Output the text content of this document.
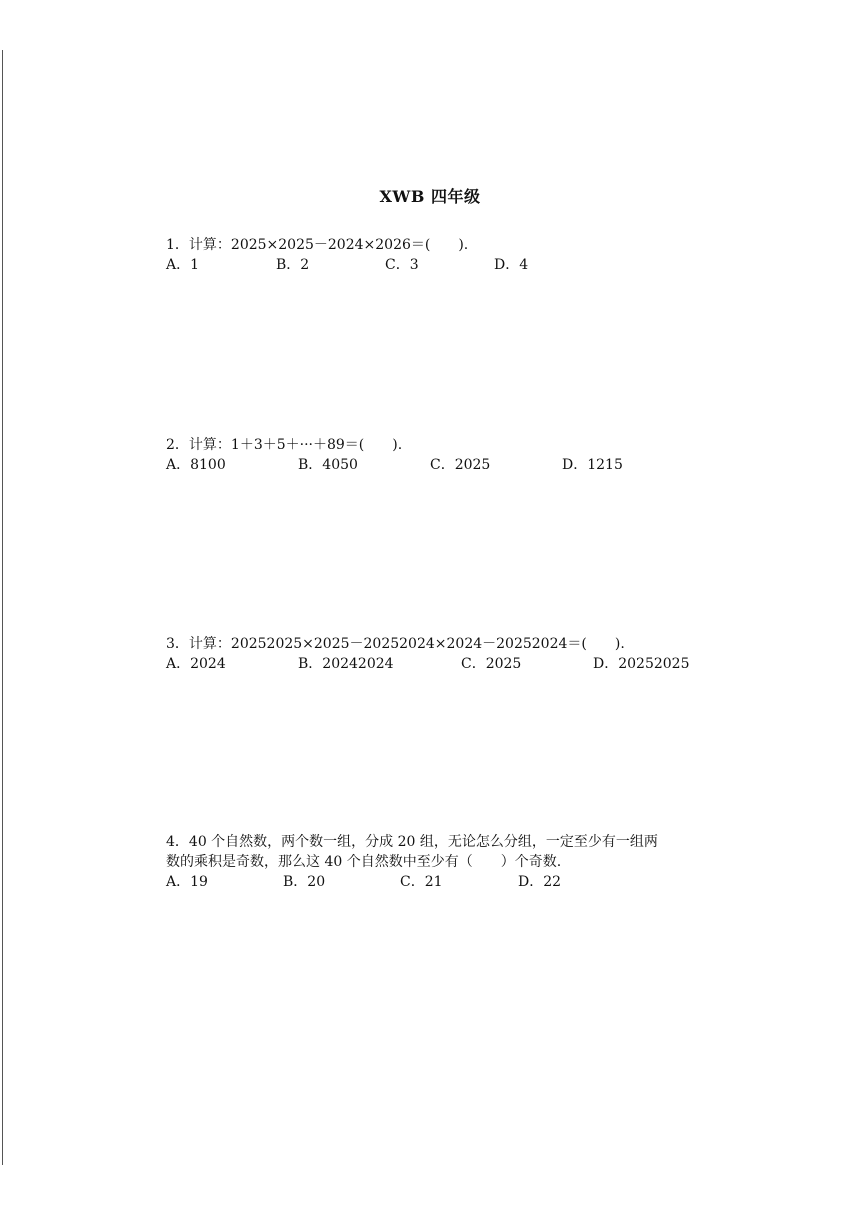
XWB 四年级

1．计算：2025×2025－2024×2026＝(　　).

A．1	B．2	C．3	D．4

2．计算：1＋3＋5＋···＋89＝(　　).

A．8100	B．4050	C．2025	D．1215

3．计算：20252025×2025－20252024×2024－20252024＝(　　).

A．2024	B．20242024	C．2025	D．20252025

4．40 个自然数，两个数一组，分成 20 组，无论怎么分组，一定至少有一组两

数的乘积是奇数，那么这 40 个自然数中至少有（　　）个奇数.

A．19	B．20	C．21	D．22
